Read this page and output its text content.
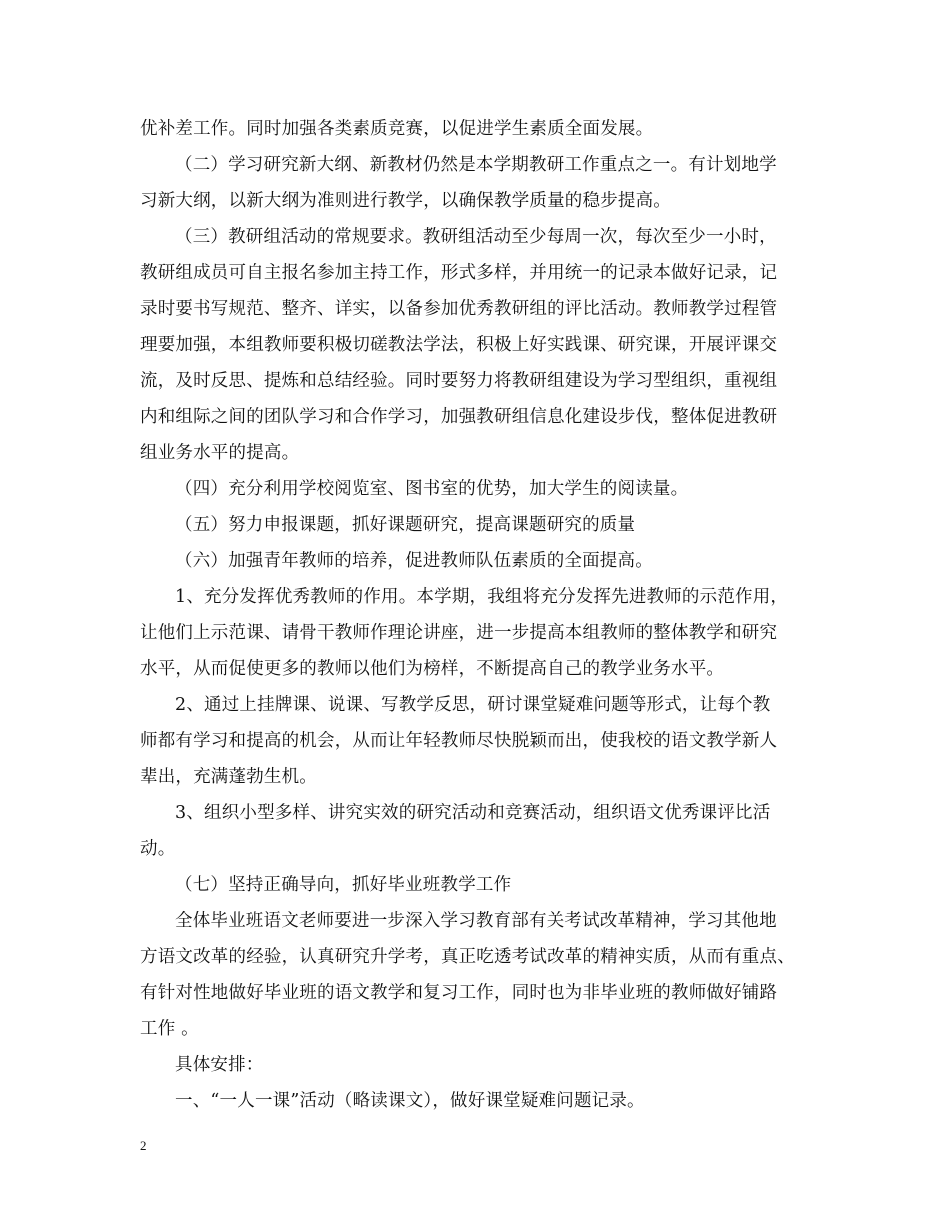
优补差工作。同时加强各类素质竞赛，以促进学生素质全面发展。
（二）学习研究新大纲、新教材仍然是本学期教研工作重点之一。有计划地学
习新大纲，以新大纲为准则进行教学，以确保教学质量的稳步提高。
（三）教研组活动的常规要求。教研组活动至少每周一次，每次至少一小时，
教研组成员可自主报名参加主持工作，形式多样，并用统一的记录本做好记录，记
录时要书写规范、整齐、详实，以备参加优秀教研组的评比活动。教师教学过程管
理要加强，本组教师要积极切磋教法学法，积极上好实践课、研究课，开展评课交
流，及时反思、提炼和总结经验。同时要努力将教研组建设为学习型组织，重视组
内和组际之间的团队学习和合作学习，加强教研组信息化建设步伐，整体促进教研
组业务水平的提高。
（四）充分利用学校阅览室、图书室的优势，加大学生的阅读量。
（五）努力申报课题，抓好课题研究，提高课题研究的质量
（六）加强青年教师的培养，促进教师队伍素质的全面提高。
1、充分发挥优秀教师的作用。本学期，我组将充分发挥先进教师的示范作用，
让他们上示范课、请骨干教师作理论讲座，进一步提高本组教师的整体教学和研究
水平，从而促使更多的教师以他们为榜样，不断提高自己的教学业务水平。
2、通过上挂牌课、说课、写教学反思，研讨课堂疑难问题等形式，让每个教
师都有学习和提高的机会，从而让年轻教师尽快脱颖而出，使我校的语文教学新人
辈出，充满蓬勃生机。
3、组织小型多样、讲究实效的研究活动和竞赛活动，组织语文优秀课评比活
动。
（七）坚持正确导向，抓好毕业班教学工作
全体毕业班语文老师要进一步深入学习教育部有关考试改革精神，学习其他地
方语文改革的经验，认真研究升学考，真正吃透考试改革的精神实质，从而有重点、
有针对性地做好毕业班的语文教学和复习工作，同时也为非毕业班的教师做好铺路
工作 。
具体安排：
一、“一人一课”活动（略读课文），做好课堂疑难问题记录。
2
